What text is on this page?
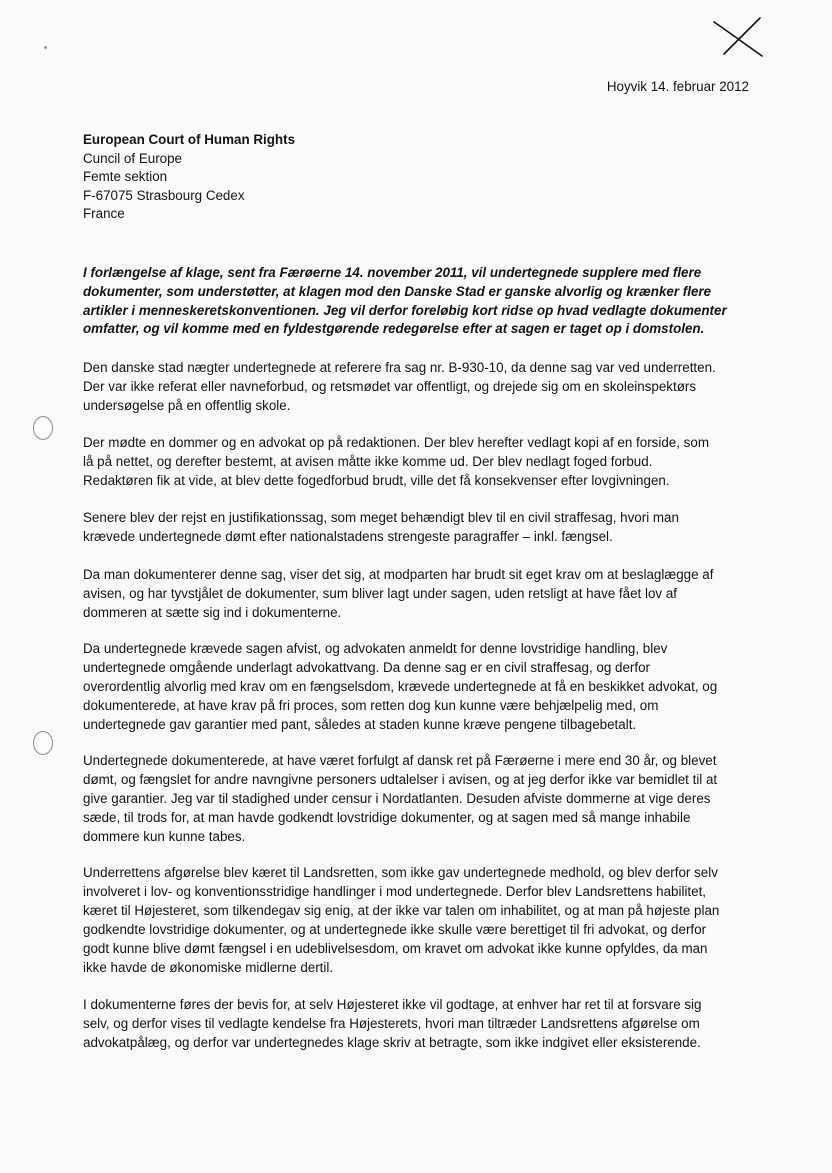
Hoyvik 14. februar 2012
European Court of Human Rights
Cuncil of Europe
Femte sektion
F-67075 Strasbourg Cedex
France
I forlængelse af klage, sent fra Færøerne 14. november 2011, vil undertegnede supplere med flere
dokumenter, som understøtter, at klagen mod den Danske Stad er ganske alvorlig og krænker flere
artikler i menneskeretskonventionen. Jeg vil derfor foreløbig kort ridse op hvad vedlagte dokumenter
omfatter, og vil komme med en fyldestgørende redegørelse efter at sagen er taget op i domstolen.
Den danske stad nægter undertegnede at referere fra sag nr. B-930-10, da denne sag var ved underretten.
Der var ikke referat eller navneforbud, og retsmødet var offentligt, og drejede sig om en skoleinspektørs
undersøgelse på en offentlig skole.
Der mødte en dommer og en advokat op på redaktionen. Der blev herefter vedlagt kopi af en forside, som
lå på nettet, og derefter bestemt, at avisen måtte ikke komme ud. Der blev nedlagt foged forbud.
Redaktøren fik at vide, at blev dette fogedforbud brudt, ville det få konsekvenser efter lovgivningen.
Senere blev der rejst en justifikationssag, som meget behændigt blev til en civil straffesag, hvori man
krævede undertegnede dømt efter nationalstadens strengeste paragraffer – inkl. fængsel.
Da man dokumenterer denne sag, viser det sig, at modparten har brudt sit eget krav om at beslaglægge af
avisen, og har tyvstjålet de dokumenter, sum bliver lagt under sagen, uden retsligt at have fået lov af
dommeren at sætte sig ind i dokumenterne.
Da undertegnede krævede sagen afvist, og advokaten anmeldt for denne lovstridige handling, blev
undertegnede omgående underlagt advokattvang. Da denne sag er en civil straffesag, og derfor
overordentlig alvorlig med krav om en fængselsdom, krævede undertegnede at få en beskikket advokat, og
dokumenterede, at have krav på fri proces, som retten dog kun kunne være behjælpelig med, om
undertegnede gav garantier med pant, således at staden kunne kræve pengene tilbagebetalt.
Undertegnede dokumenterede, at have været forfulgt af dansk ret på Færøerne i mere end 30 år, og blevet
dømt, og fængslet for andre navngivne personers udtalelser i avisen, og at jeg derfor ikke var bemidlet til at
give garantier. Jeg var til stadighed under censur i Nordatlanten. Desuden afviste dommerne at vige deres
sæde, til trods for, at man havde godkendt lovstridige dokumenter, og at sagen med så mange inhabile
dommere kun kunne tabes.
Underrettens afgørelse blev kæret til Landsretten, som ikke gav undertegnede medhold, og blev derfor selv
involveret i lov- og konventionsstridige handlinger i mod undertegnede. Derfor blev Landsrettens habilitet,
kæret til Højesteret, som tilkendegav sig enig, at der ikke var talen om inhabilitet, og at man på højeste plan
godkendte lovstridige dokumenter, og at undertegnede ikke skulle være berettiget til fri advokat, og derfor
godt kunne blive dømt fængsel i en udeblivelsesdom, om kravet om advokat ikke kunne opfyldes, da man
ikke havde de økonomiske midlerne dertil.
I dokumenterne føres der bevis for, at selv Højesteret ikke vil godtage, at enhver har ret til at forsvare sig
selv, og derfor vises til vedlagte kendelse fra Højesterets, hvori man tiltræder Landsrettens afgørelse om
advokatpålæg, og derfor var undertegnedes klage skriv at betragte, som ikke indgivet eller eksisterende.
